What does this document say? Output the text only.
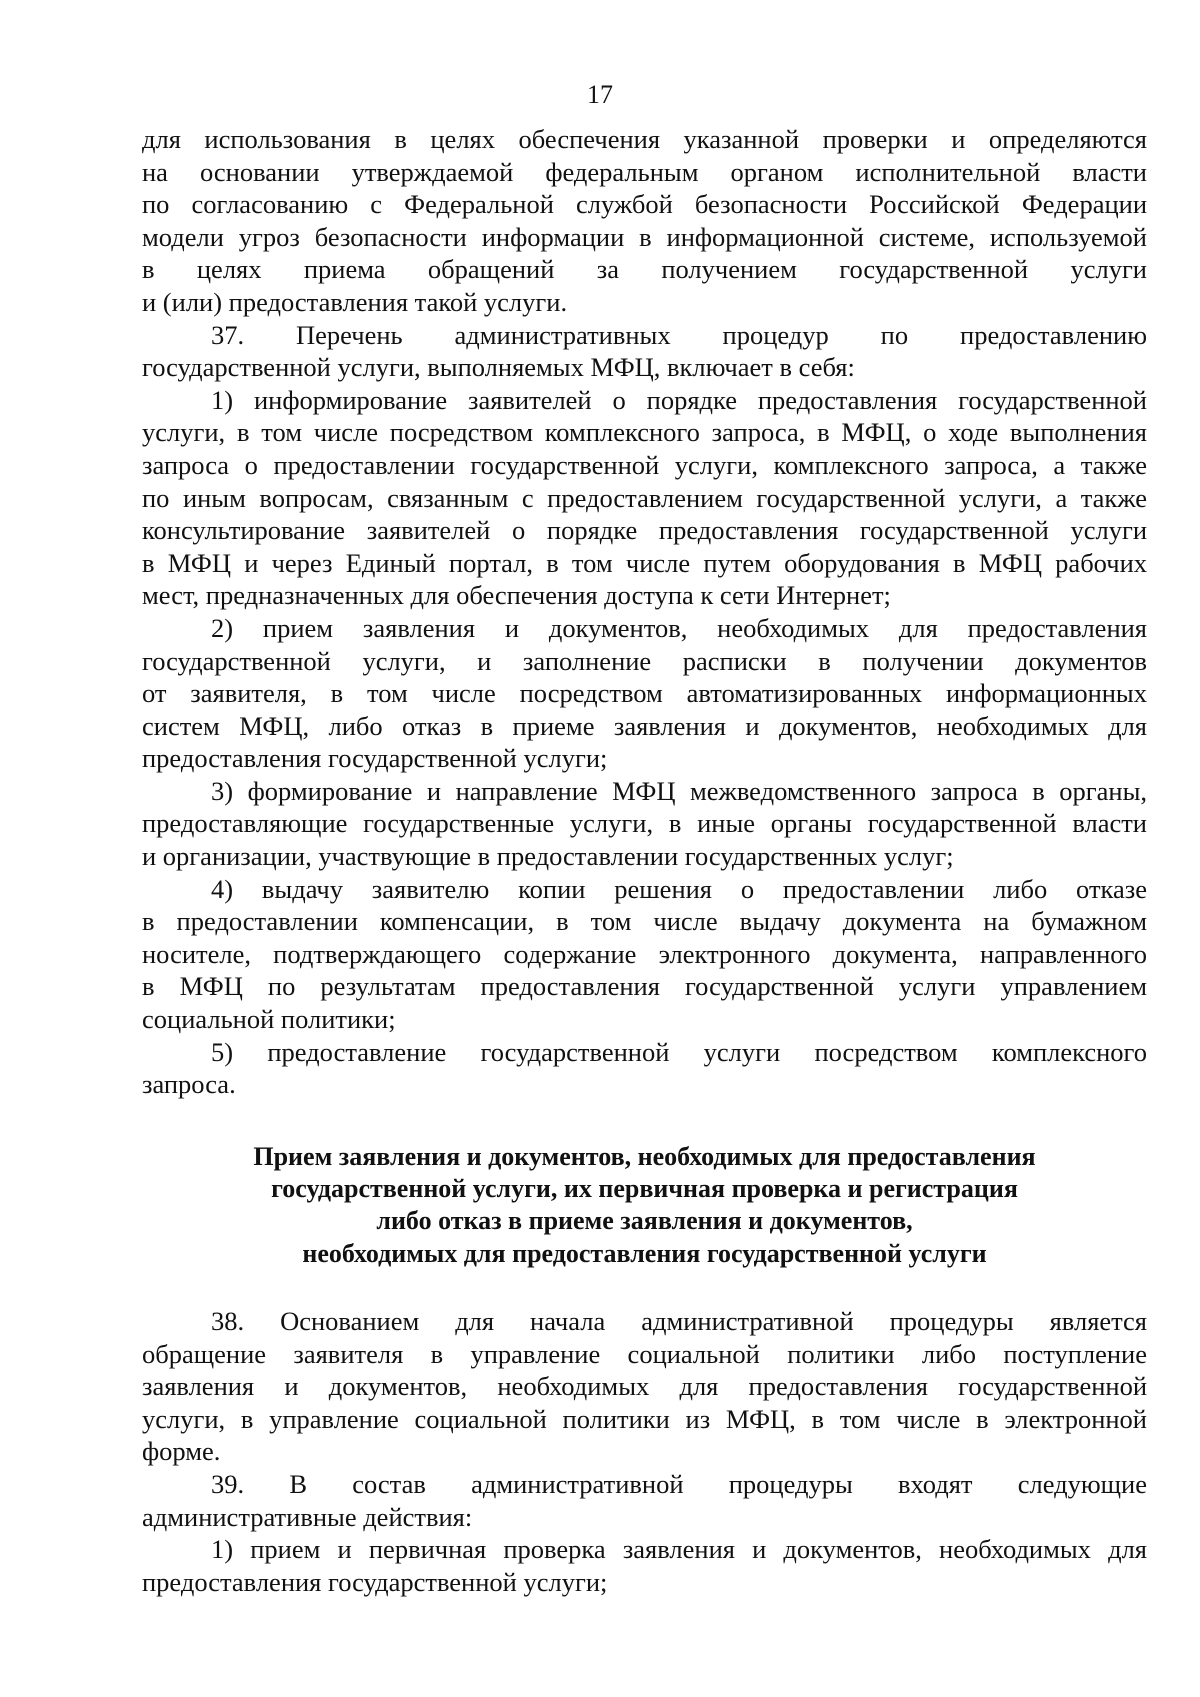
17
для использования в целях обеспечения указанной проверки и определяются
на основании утверждаемой федеральным органом исполнительной власти
по согласованию с Федеральной службой безопасности Российской Федерации
модели угроз безопасности информации в информационной системе, используемой
в целях приема обращений за получением государственной услуги
и (или) предоставления такой услуги.
37. Перечень административных процедур по предоставлению
государственной услуги, выполняемых МФЦ, включает в себя:
1) информирование заявителей о порядке предоставления государственной
услуги, в том числе посредством комплексного запроса, в МФЦ, о ходе выполнения
запроса о предоставлении государственной услуги, комплексного запроса, а также
по иным вопросам, связанным с предоставлением государственной услуги, а также
консультирование заявителей о порядке предоставления государственной услуги
в МФЦ и через Единый портал, в том числе путем оборудования в МФЦ рабочих
мест, предназначенных для обеспечения доступа к сети Интернет;
2) прием заявления и документов, необходимых для предоставления
государственной услуги, и заполнение расписки в получении документов
от заявителя, в том числе посредством автоматизированных информационных
систем МФЦ, либо отказ в приеме заявления и документов, необходимых для
предоставления государственной услуги;
3) формирование и направление МФЦ межведомственного запроса в органы,
предоставляющие государственные услуги, в иные органы государственной власти
и организации, участвующие в предоставлении государственных услуг;
4) выдачу заявителю копии решения о предоставлении либо отказе
в предоставлении компенсации, в том числе выдачу документа на бумажном
носителе, подтверждающего содержание электронного документа, направленного
в МФЦ по результатам предоставления государственной услуги управлением
социальной политики;
5) предоставление государственной услуги посредством комплексного
запроса.
Прием заявления и документов, необходимых для предоставления
государственной услуги, их первичная проверка и регистрация
либо отказ в приеме заявления и документов,
необходимых для предоставления государственной услуги
38. Основанием для начала административной процедуры является
обращение заявителя в управление социальной политики либо поступление
заявления и документов, необходимых для предоставления государственной
услуги, в управление социальной политики из МФЦ, в том числе в электронной
форме.
39. В состав административной процедуры входят следующие
административные действия:
1) прием и первичная проверка заявления и документов, необходимых для
предоставления государственной услуги;
